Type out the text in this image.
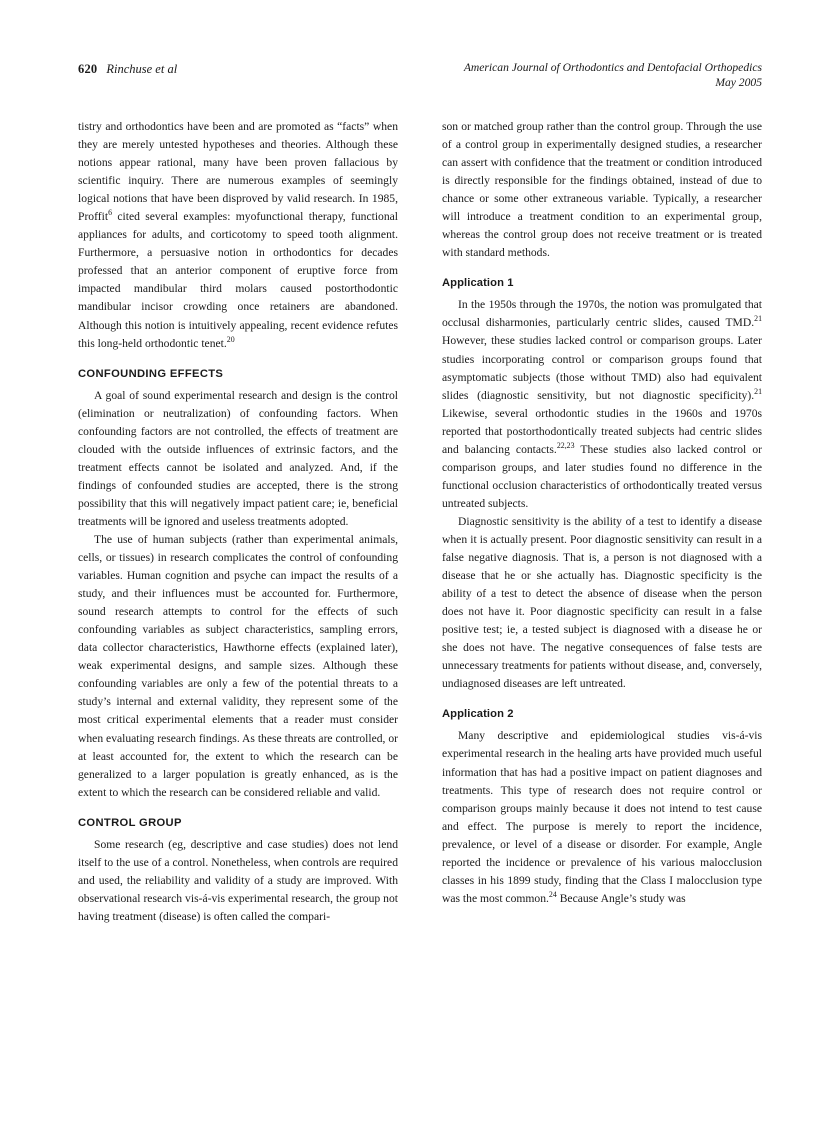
620 Rinchuse et al	American Journal of Orthodontics and Dentofacial Orthopedics
May 2005

tistry and orthodontics have been and are promoted as “facts” when they are merely untested hypotheses and theories. Although these notions appear rational, many have been proven fallacious by scientific inquiry. There are numerous examples of seemingly logical notions that have been disproved by valid research. In 1985, Proffit$^6$ cited several examples: myofunctional therapy, functional appliances for adults, and corticotomy to speed tooth alignment. Furthermore, a persuasive notion in orthodontics for decades professed that an anterior component of eruptive force from impacted mandibular third molars caused postorthodontic mandibular incisor crowding once retainers are abandoned. Although this notion is intuitively appealing, recent evidence refutes this long-held orthodontic tenet.$^{20}$

CONFOUNDING EFFECTS

A goal of sound experimental research and design is the control (elimination or neutralization) of confounding factors. When confounding factors are not controlled, the effects of treatment are clouded with the outside influences of extrinsic factors, and the treatment effects cannot be isolated and analyzed. And, if the findings of confounded studies are accepted, there is the strong possibility that this will negatively impact patient care; ie, beneficial treatments will be ignored and useless treatments adopted.

The use of human subjects (rather than experimental animals, cells, or tissues) in research complicates the control of confounding variables. Human cognition and psyche can impact the results of a study, and their influences must be accounted for. Furthermore, sound research attempts to control for the effects of such confounding variables as subject characteristics, sampling errors, data collector characteristics, Hawthorne effects (explained later), weak experimental designs, and sample sizes. Although these confounding variables are only a few of the potential threats to a study’s internal and external validity, they represent some of the most critical experimental elements that a reader must consider when evaluating research findings. As these threats are controlled, or at least accounted for, the extent to which the research can be generalized to a larger population is greatly enhanced, as is the extent to which the research can be considered reliable and valid.

CONTROL GROUP

Some research (eg, descriptive and case studies) does not lend itself to the use of a control. Nonetheless, when controls are required and used, the reliability and validity of a study are improved. With observational research vis-á-vis experimental research, the group not having treatment (disease) is often called the compari-

son or matched group rather than the control group. Through the use of a control group in experimentally designed studies, a researcher can assert with confidence that the treatment or condition introduced is directly responsible for the findings obtained, instead of due to chance or some other extraneous variable. Typically, a researcher will introduce a treatment condition to an experimental group, whereas the control group does not receive treatment or is treated with standard methods.

Application 1

In the 1950s through the 1970s, the notion was promulgated that occlusal disharmonies, particularly centric slides, caused TMD.$^{21}$ However, these studies lacked control or comparison groups. Later studies incorporating control or comparison groups found that asymptomatic subjects (those without TMD) also had equivalent slides (diagnostic sensitivity, but not diagnostic specificity).$^{21}$ Likewise, several orthodontic studies in the 1960s and 1970s reported that postorthodontically treated subjects had centric slides and balancing contacts.$^{22,23}$ These studies also lacked control or comparison groups, and later studies found no difference in the functional occlusion characteristics of orthodontically treated versus untreated subjects.

Diagnostic sensitivity is the ability of a test to identify a disease when it is actually present. Poor diagnostic sensitivity can result in a false negative diagnosis. That is, a person is not diagnosed with a disease that he or she actually has. Diagnostic specificity is the ability of a test to detect the absence of disease when the person does not have it. Poor diagnostic specificity can result in a false positive test; ie, a tested subject is diagnosed with a disease he or she does not have. The negative consequences of false tests are unnecessary treatments for patients without disease, and, conversely, undiagnosed diseases are left untreated.

Application 2

Many descriptive and epidemiological studies vis-á-vis experimental research in the healing arts have provided much useful information that has had a positive impact on patient diagnoses and treatments. This type of research does not require control or comparison groups mainly because it does not intend to test cause and effect. The purpose is merely to report the incidence, prevalence, or level of a disease or disorder. For example, Angle reported the incidence or prevalence of his various malocclusion classes in his 1899 study, finding that the Class I malocclusion type was the most common.$^{24}$ Because Angle’s study was
